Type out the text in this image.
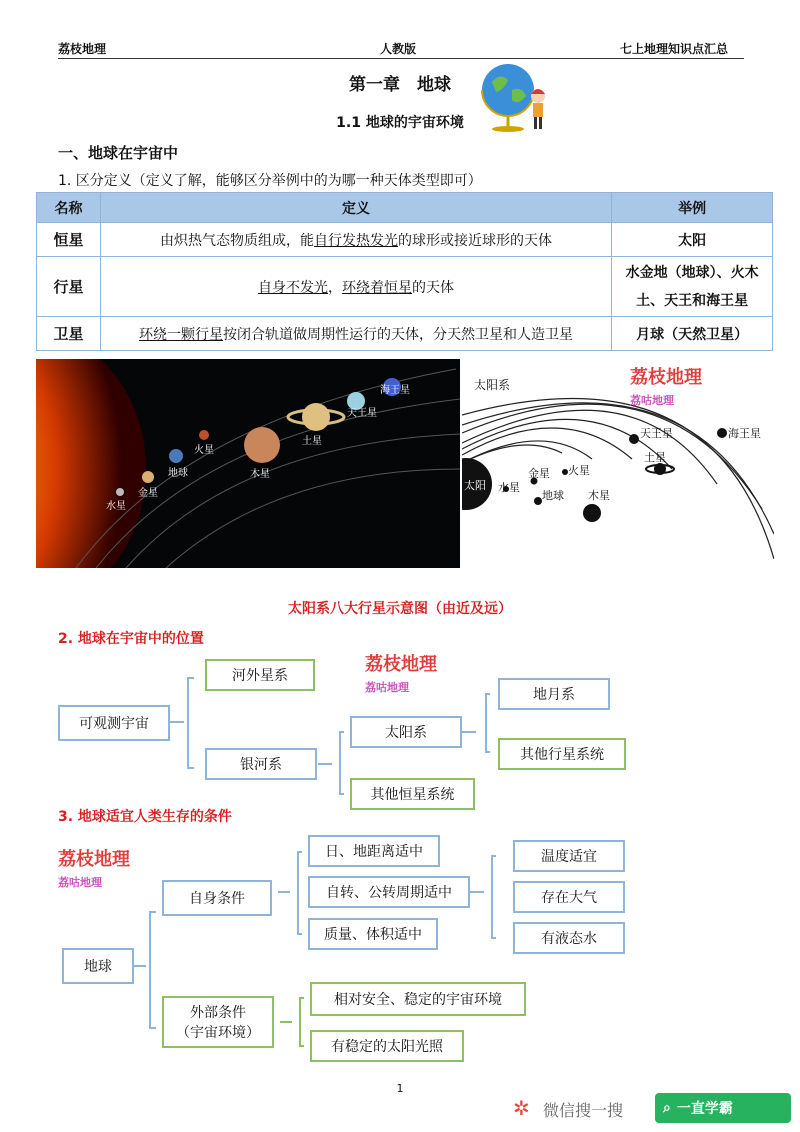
荔枝地理	人教版	七上地理知识点汇总
第一章　地球
1.1 地球的宇宙环境
一、地球在宇宙中
1. 区分定义（定义了解，能够区分举例中的为哪一种天体类型即可）
名称	定义	举例
恒星	由炽热气态物质组成，能自行发热发光的球形或接近球形的天体	太阳
行星	自身不发光，环绕着恒星的天体	水金地（地球）、火木土、天王和海王星
卫星	环绕一颗行星按闭合轨道做周期性运行的天体，分天然卫星和人造卫星	月球（天然卫星）
水星
金星
地球
火星
木星
土星
天王星
海王星
太阳
太阳系
水星
金星
地球
火星
木星
土星
天王星	海王星
荔枝地理
荔咕地理
太阳系八大行星示意图（由近及远）
2. 地球在宇宙中的位置
荔枝地理
荔咕地理
可观测宇宙
河外星系
银河系
太阳系
其他恒星系统
地月系
其他行星系统
3. 地球适宜人类生存的条件
荔枝地理
荔咕地理
地球
自身条件
外部条件
（宇宙环境）
日、地距离适中
自转、公转周期适中
质量、体积适中
温度适宜
存在大气
有液态水
相对安全、稳定的宇宙环境
有稳定的太阳光照
1
✲ 微信搜一搜	⌕ 一直学霸
